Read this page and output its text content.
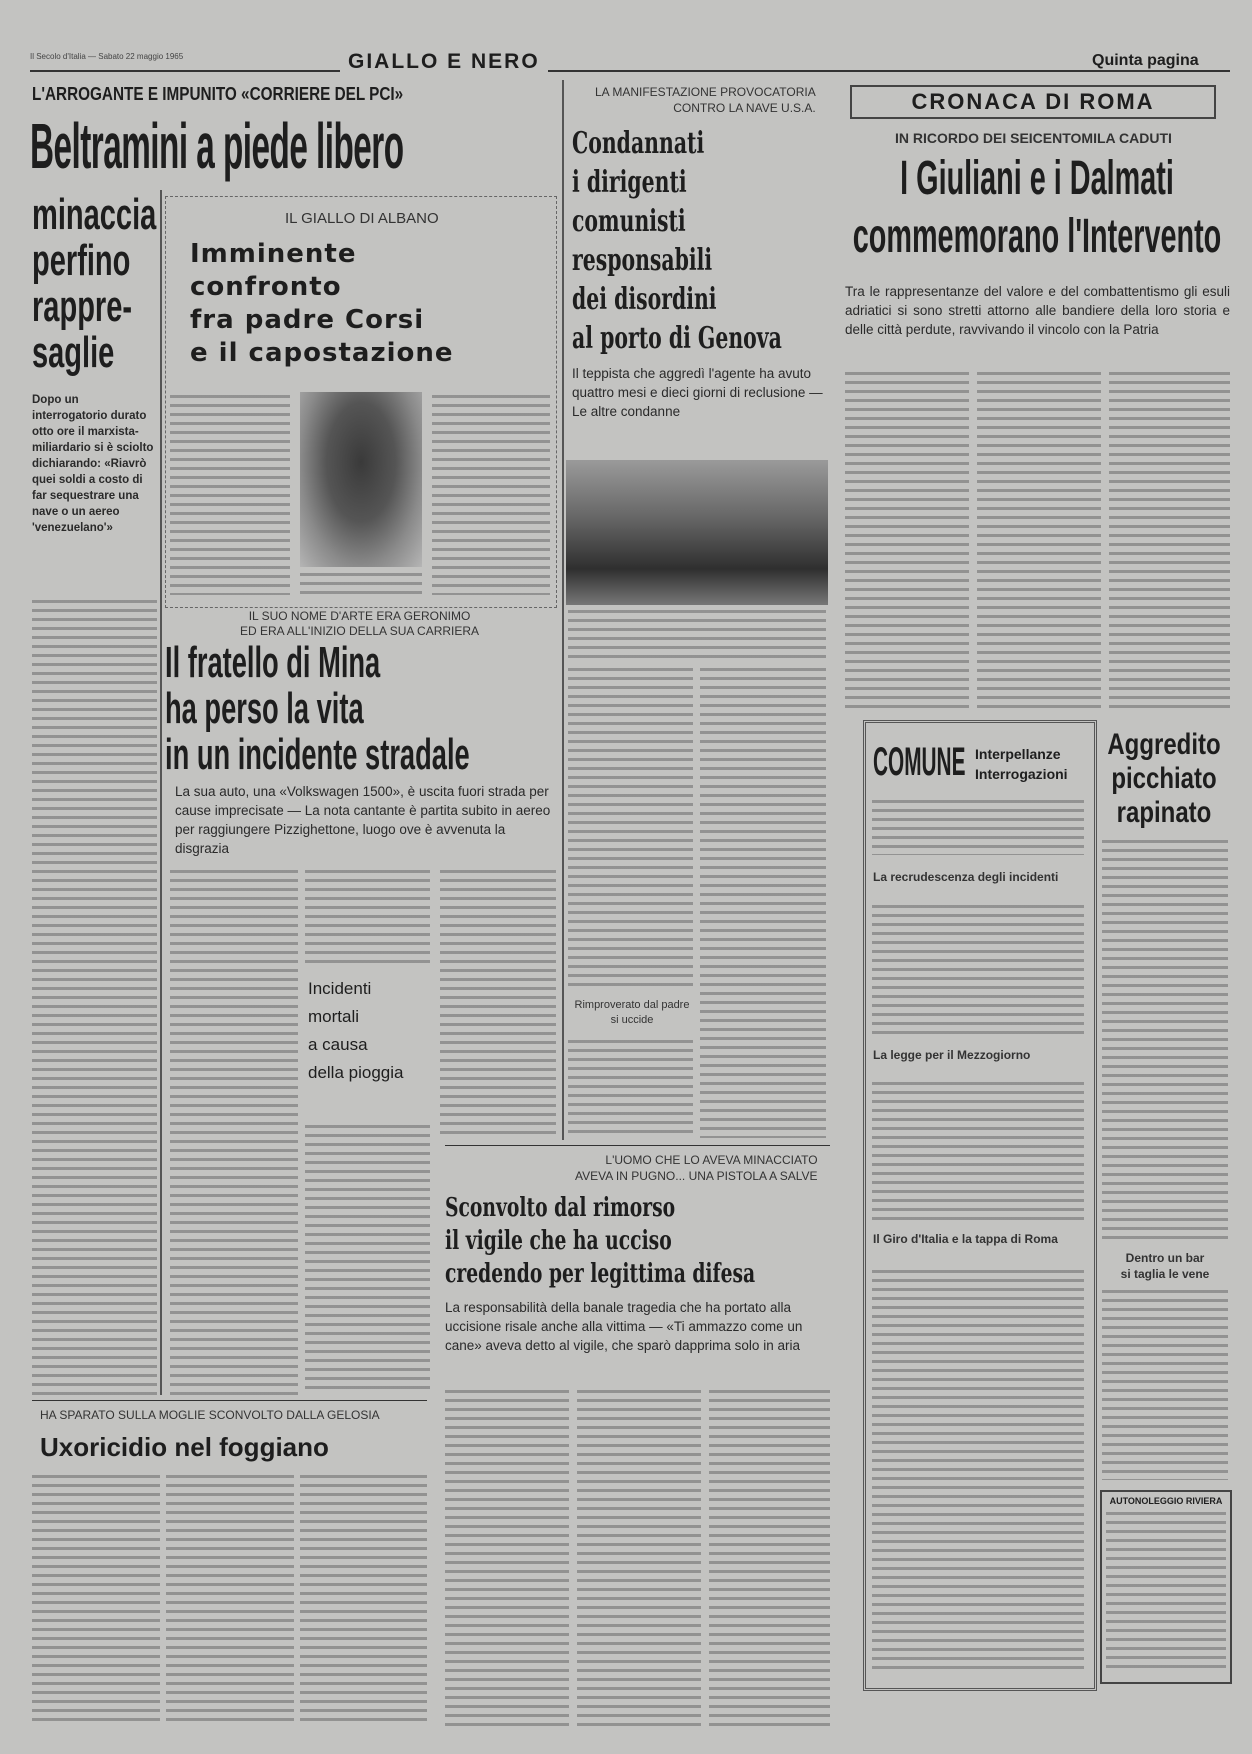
Il Secolo d'Italia — Sabato 22 maggio 1965	GIALLO E NERO	Quinta pagina
L'ARROGANTE E IMPUNITO «CORRIERE DEL PCI»
Beltramini a piede libero
minaccia
perfino
rappre-
saglie
Dopo un interrogatorio durato otto ore il marxista-miliardario si è sciolto dichiarando: «Riavrò quei soldi a costo di far sequestrare una nave o un aereo 'venezuelano'»
IL GIALLO DI ALBANO
Imminente
confronto
fra padre Corsi
e il capostazione
IL SUO NOME D'ARTE ERA GERONIMO
ED ERA ALL'INIZIO DELLA SUA CARRIERA
Il fratello di Mina
ha perso la vita
in un incidente stradale
La sua auto, una «Volkswagen 1500», è uscita fuori strada per cause imprecisate — La nota cantante è partita subito in aereo per raggiungere Pizzighettone, luogo ove è avvenuta la disgrazia
Incidenti
mortali
a causa
della pioggia
HA SPARATO SULLA MOGLIE SCONVOLTO DALLA GELOSIA
Uxoricidio nel foggiano
LA MANIFESTAZIONE PROVOCATORIA
CONTRO LA NAVE U.S.A.
Condannati
i dirigenti
comunisti
responsabili
dei disordini
al porto di Genova
Il teppista che aggredì l'agente ha avuto quattro mesi e dieci giorni di reclusione — Le altre condanne
Rimproverato dal padre
si uccide
L'UOMO CHE LO AVEVA MINACCIATO
AVEVA IN PUGNO... UNA PISTOLA A SALVE
Sconvolto dal rimorso
il vigile che ha ucciso
credendo per legittima difesa
La responsabilità della banale tragedia che ha portato alla uccisione risale anche alla vittima — «Ti ammazzo come un cane» aveva detto al vigile, che sparò dapprima solo in aria
CRONACA DI ROMA
IN RICORDO DEI SEICENTOMILA CADUTI
I Giuliani e i Dalmati
commemorano l'Intervento
Tra le rappresentanze del valore e del combattentismo gli esuli adriatici si sono stretti attorno alle bandiere della loro storia e delle città perdute, ravvivando il vincolo con la Patria
COMUNE Interpellanze
Interrogazioni
La recrudescenza degli incidenti
La legge per il Mezzogiorno
Il Giro d'Italia e la tappa di Roma
Aggredito
picchiato
rapinato
Dentro un bar
si taglia le vene
AUTONOLEGGIO RIVIERA
